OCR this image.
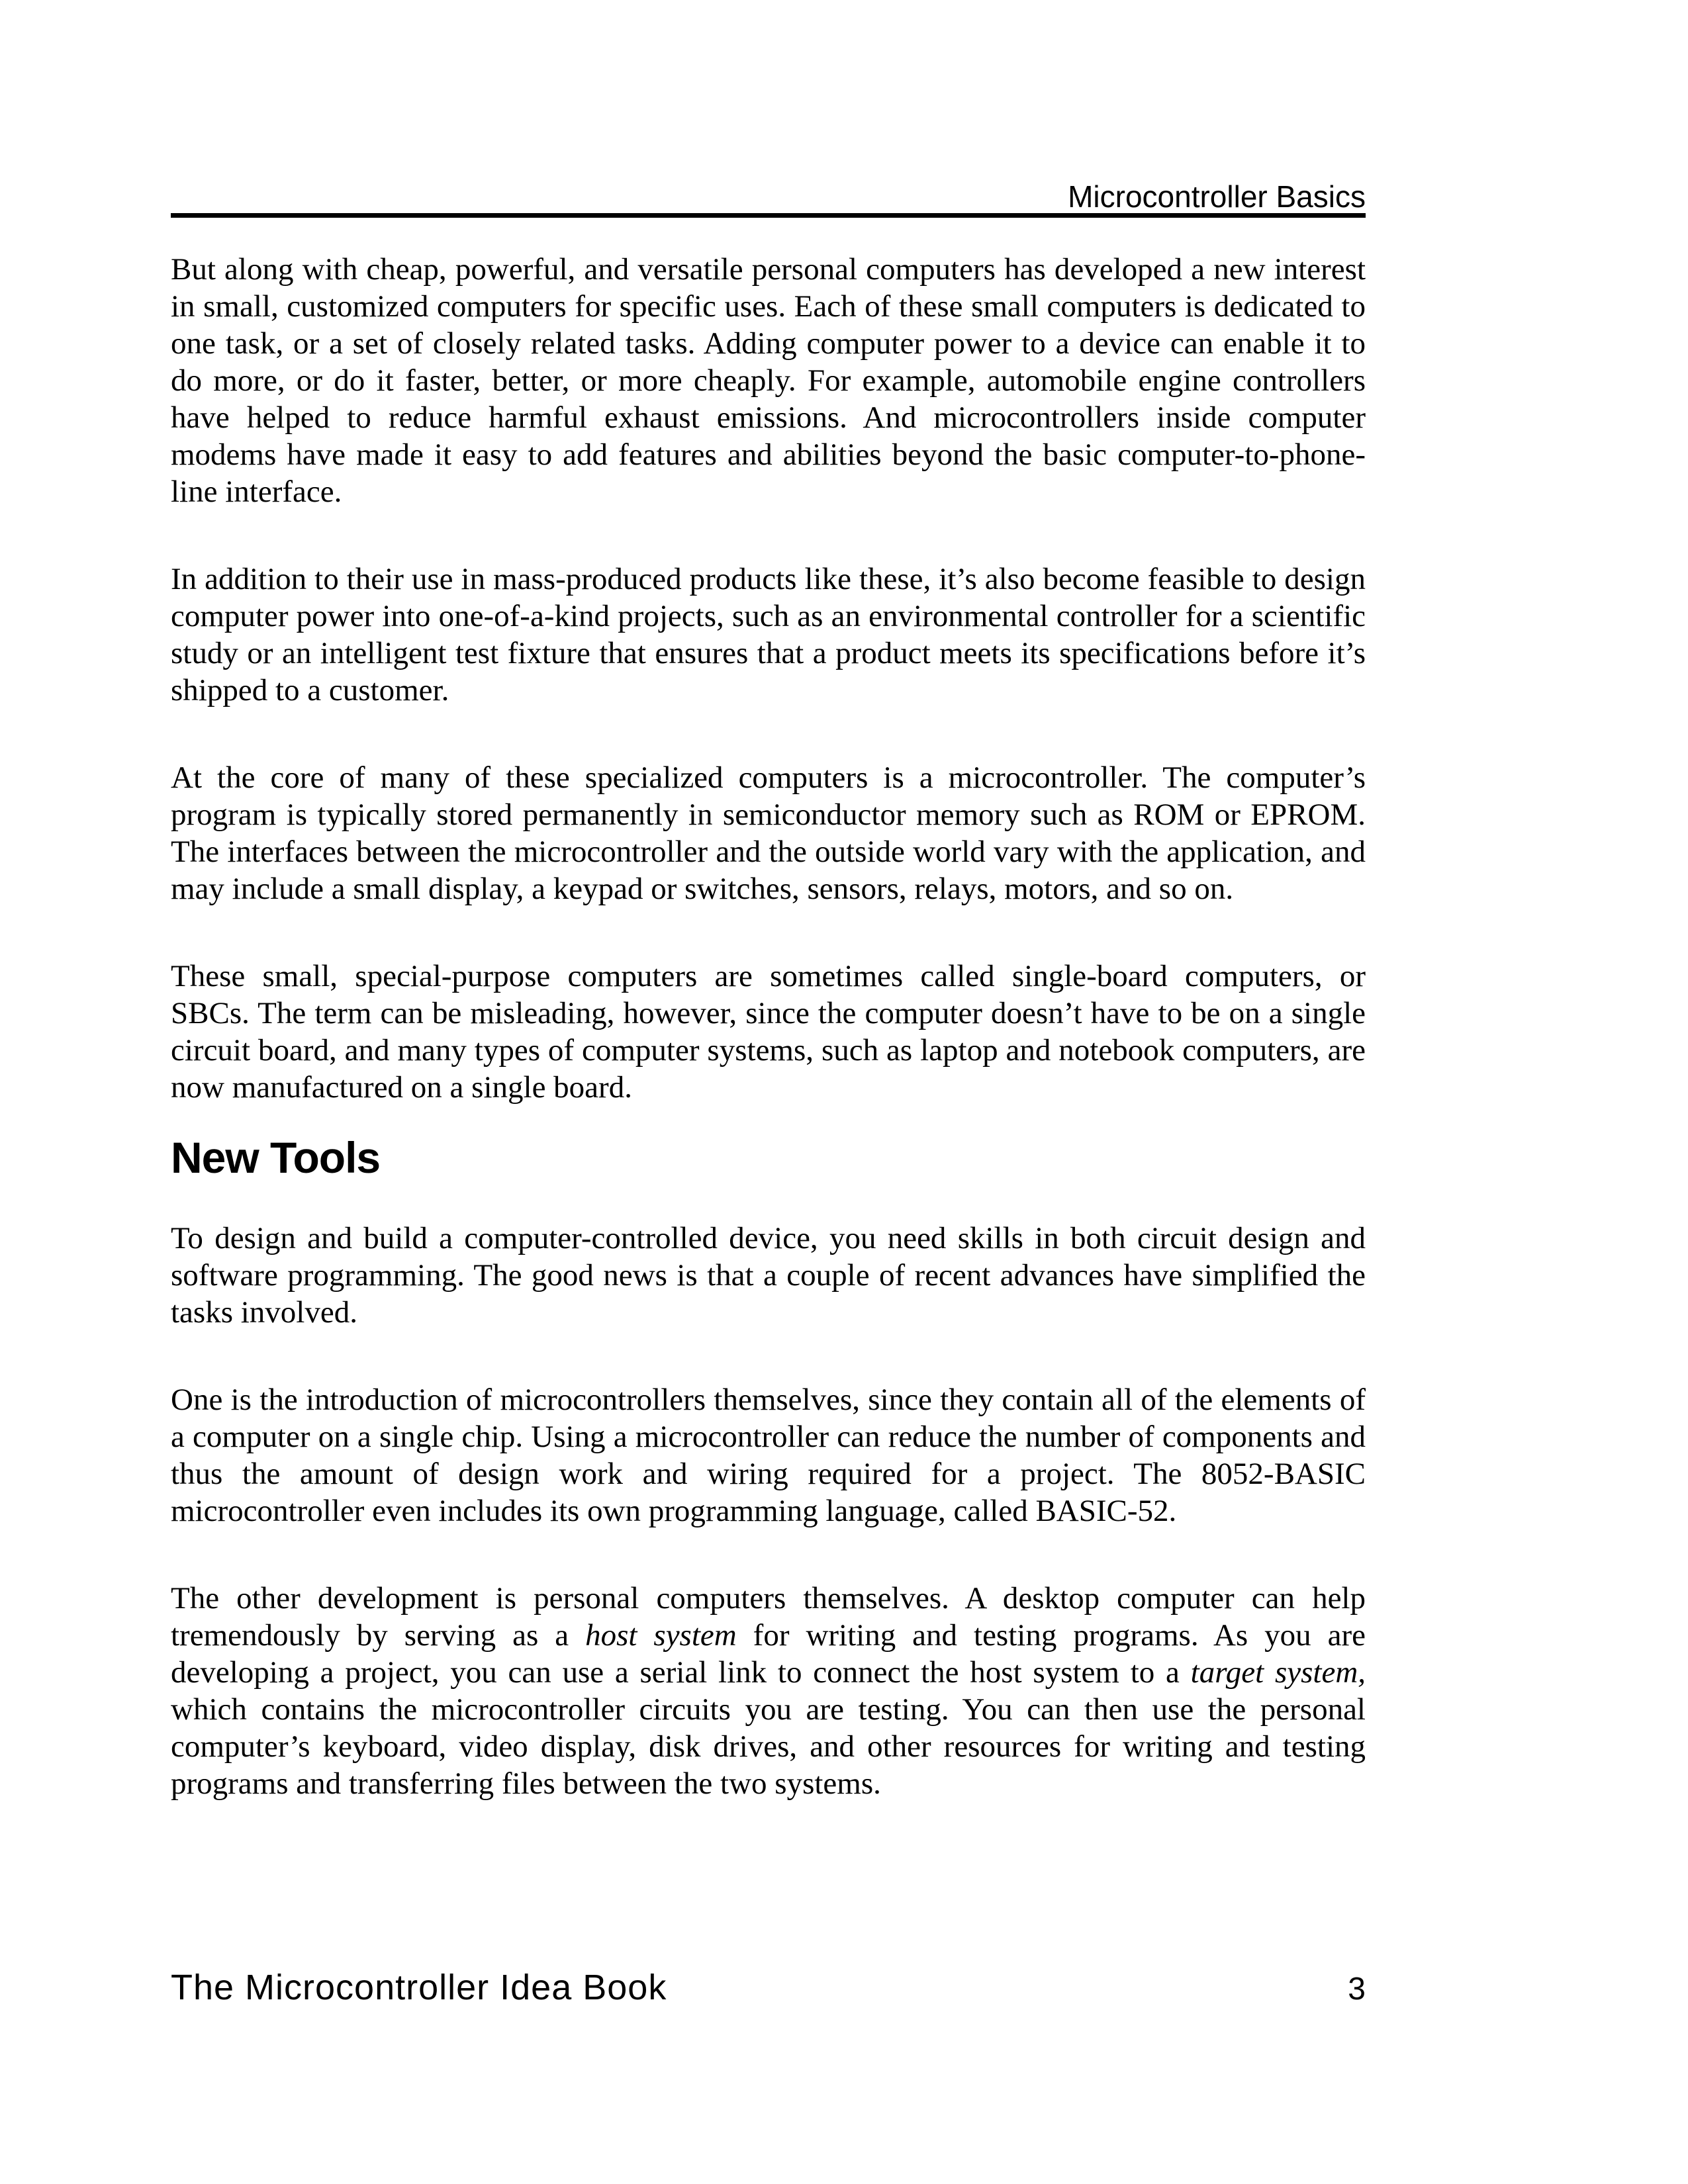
Microcontroller Basics

But along with cheap, powerful, and versatile personal computers has developed a new interest in small, customized computers for specific uses. Each of these small computers is dedicated to one task, or a set of closely related tasks. Adding computer power to a device can enable it to do more, or do it faster, better, or more cheaply. For example, automobile engine controllers have helped to reduce harmful exhaust emissions. And microcontrollers inside computer modems have made it easy to add features and abilities beyond the basic computer-to-phone-line interface.

In addition to their use in mass-produced products like these, it’s also become feasible to design computer power into one-of-a-kind projects, such as an environmental controller for a scientific study or an intelligent test fixture that ensures that a product meets its specifications before it’s shipped to a customer.

At the core of many of these specialized computers is a microcontroller. The computer’s program is typically stored permanently in semiconductor memory such as ROM or EPROM. The interfaces between the microcontroller and the outside world vary with the application, and may include a small display, a keypad or switches, sensors, relays, motors, and so on.

These small, special-purpose computers are sometimes called single-board computers, or SBCs. The term can be misleading, however, since the computer doesn’t have to be on a single circuit board, and many types of computer systems, such as laptop and notebook computers, are now manufactured on a single board.

New Tools

To design and build a computer-controlled device, you need skills in both circuit design and software programming. The good news is that a couple of recent advances have simplified the tasks involved.

One is the introduction of microcontrollers themselves, since they contain all of the elements of a computer on a single chip. Using a microcontroller can reduce the number of components and thus the amount of design work and wiring required for a project. The 8052-BASIC microcontroller even includes its own programming language, called BASIC-52.

The other development is personal computers themselves. A desktop computer can help tremendously by serving as a host system for writing and testing programs. As you are developing a project, you can use a serial link to connect the host system to a target system, which contains the microcontroller circuits you are testing. You can then use the personal computer’s keyboard, video display, disk drives, and other resources for writing and testing programs and transferring files between the two systems.

The Microcontroller Idea Book	3
